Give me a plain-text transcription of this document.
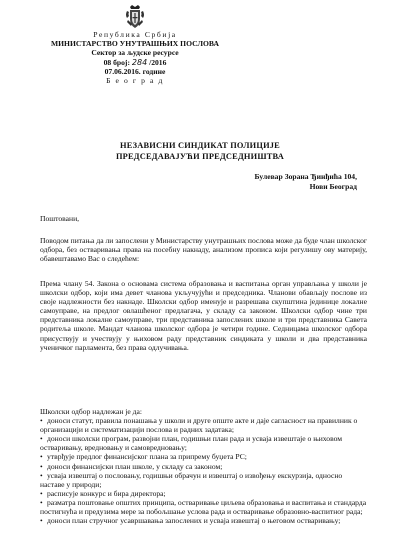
Република Србија
МИНИСТАРСТВО УНУТРАШЊИХ ПОСЛОВА
Сектор за људске ресурсе
08 број: 284 /2016
07.06.2016. године
Б е о г р а д
НЕЗАВИСНИ СИНДИКАТ ПОЛИЦИЈЕ
ПРЕДСЕДАВАЈУЋИ ПРЕДСЕДНИШТВА
Булевар Зорана Ђинђића 104,
Нови Београд
Поштовани,
Поводом питања да ли запослени у Министарству унутрашњих послова може да буде члан школског одбора, без остваривања права на посебну накнаду, анализом прописа који регулишу ову материју, обавештавамо Вас о следећем:
Према члану 54. Закона о основама система образовања и васпитања орган управљања у школи је школски одбор, који има девет чланова укључујући и председника. Чланови обављају послове из своје надлежности без накнаде. Школски одбор именује и разрешава скупштина јединице локалне самоуправе, на предлог овлашћеног предлагача, у складу са законом. Школски одбор чине три представника локалне самоуправе, три представника запослених школе и три представника Савета родитеља школе. Мандат чланова школског одбора је четири године. Седницама школског одбора присуствују и учествују у њиховом раду представник синдиката у школи и два представника ученичког парламента, без права одлучивања.
Школски одбор надлежан је да:
• доноси статут, правила понашања у школи и друге опште акте и даје сагласност на правилник о организацији и систематизацији послова и радних задатака;
• доноси школски програм, развојни план, годишњи план рада и усваја извештаје о њиховом остваривању, вредновању и самовредновању;
• утврђује предлог финансијског плана за припрему буџета РС;
• доноси финансијски план школе, у складу са законом;
• усваја извештај о пословању, годишњи обрачун и извештај о извођењу екскурзија, односно наставе у природи;
• расписује конкурс и бира директора;
• разматра поштовање општих принципа, остваривање циљева образовања и васпитања и стандарда постигнућа и предузима мере за побољшање услова рада и остваривање образовно-васпитног рада;
• доноси план стручног усавршавања запослених и усваја извештај о његовом остваривању;
